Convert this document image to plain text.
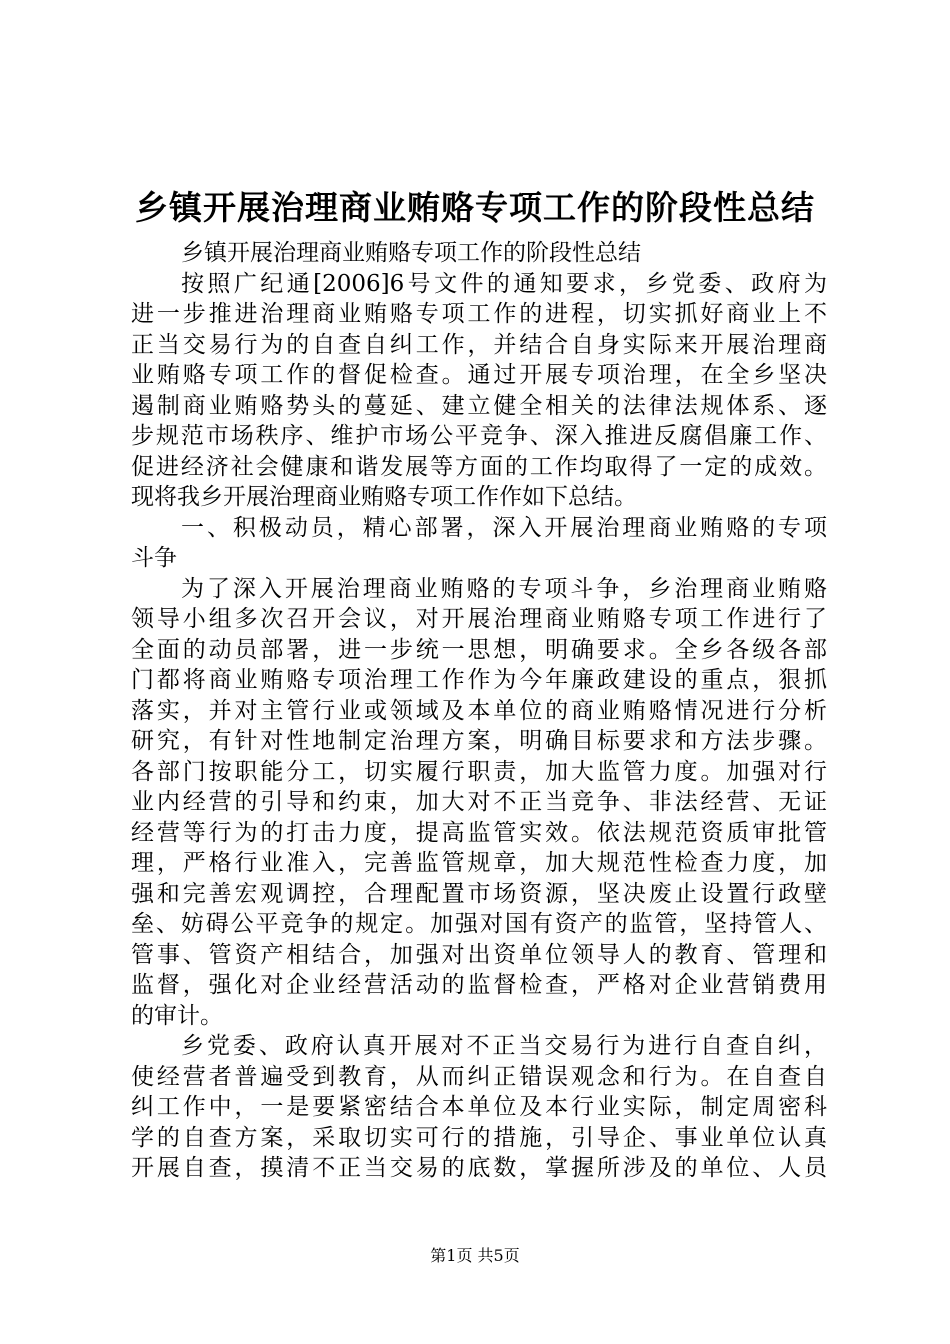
乡镇开展治理商业贿赂专项工作的阶段性总结
乡镇开展治理商业贿赂专项工作的阶段性总结
按照广纪通[2006]6号文件的通知要求，乡党委、政府为
进一步推进治理商业贿赂专项工作的进程，切实抓好商业上不
正当交易行为的自查自纠工作，并结合自身实际来开展治理商
业贿赂专项工作的督促检查。通过开展专项治理，在全乡坚决
遏制商业贿赂势头的蔓延、建立健全相关的法律法规体系、逐
步规范市场秩序、维护市场公平竞争、深入推进反腐倡廉工作、
促进经济社会健康和谐发展等方面的工作均取得了一定的成效。
现将我乡开展治理商业贿赂专项工作作如下总结。
一、积极动员，精心部署，深入开展治理商业贿赂的专项
斗争
为了深入开展治理商业贿赂的专项斗争，乡治理商业贿赂
领导小组多次召开会议，对开展治理商业贿赂专项工作进行了
全面的动员部署，进一步统一思想，明确要求。全乡各级各部
门都将商业贿赂专项治理工作作为今年廉政建设的重点，狠抓
落实，并对主管行业或领域及本单位的商业贿赂情况进行分析
研究，有针对性地制定治理方案，明确目标要求和方法步骤。
各部门按职能分工，切实履行职责，加大监管力度。加强对行
业内经营的引导和约束，加大对不正当竞争、非法经营、无证
经营等行为的打击力度，提高监管实效。依法规范资质审批管
理，严格行业准入，完善监管规章，加大规范性检查力度，加
强和完善宏观调控，合理配置市场资源，坚决废止设置行政壁
垒、妨碍公平竞争的规定。加强对国有资产的监管，坚持管人、
管事、管资产相结合，加强对出资单位领导人的教育、管理和
监督，强化对企业经营活动的监督检查，严格对企业营销费用
的审计。
乡党委、政府认真开展对不正当交易行为进行自查自纠，
使经营者普遍受到教育，从而纠正错误观念和行为。在自查自
纠工作中，一是要紧密结合本单位及本行业实际，制定周密科
学的自查方案，采取切实可行的措施，引导企、事业单位认真
开展自查，摸清不正当交易的底数，掌握所涉及的单位、人员
第1页 共5页
